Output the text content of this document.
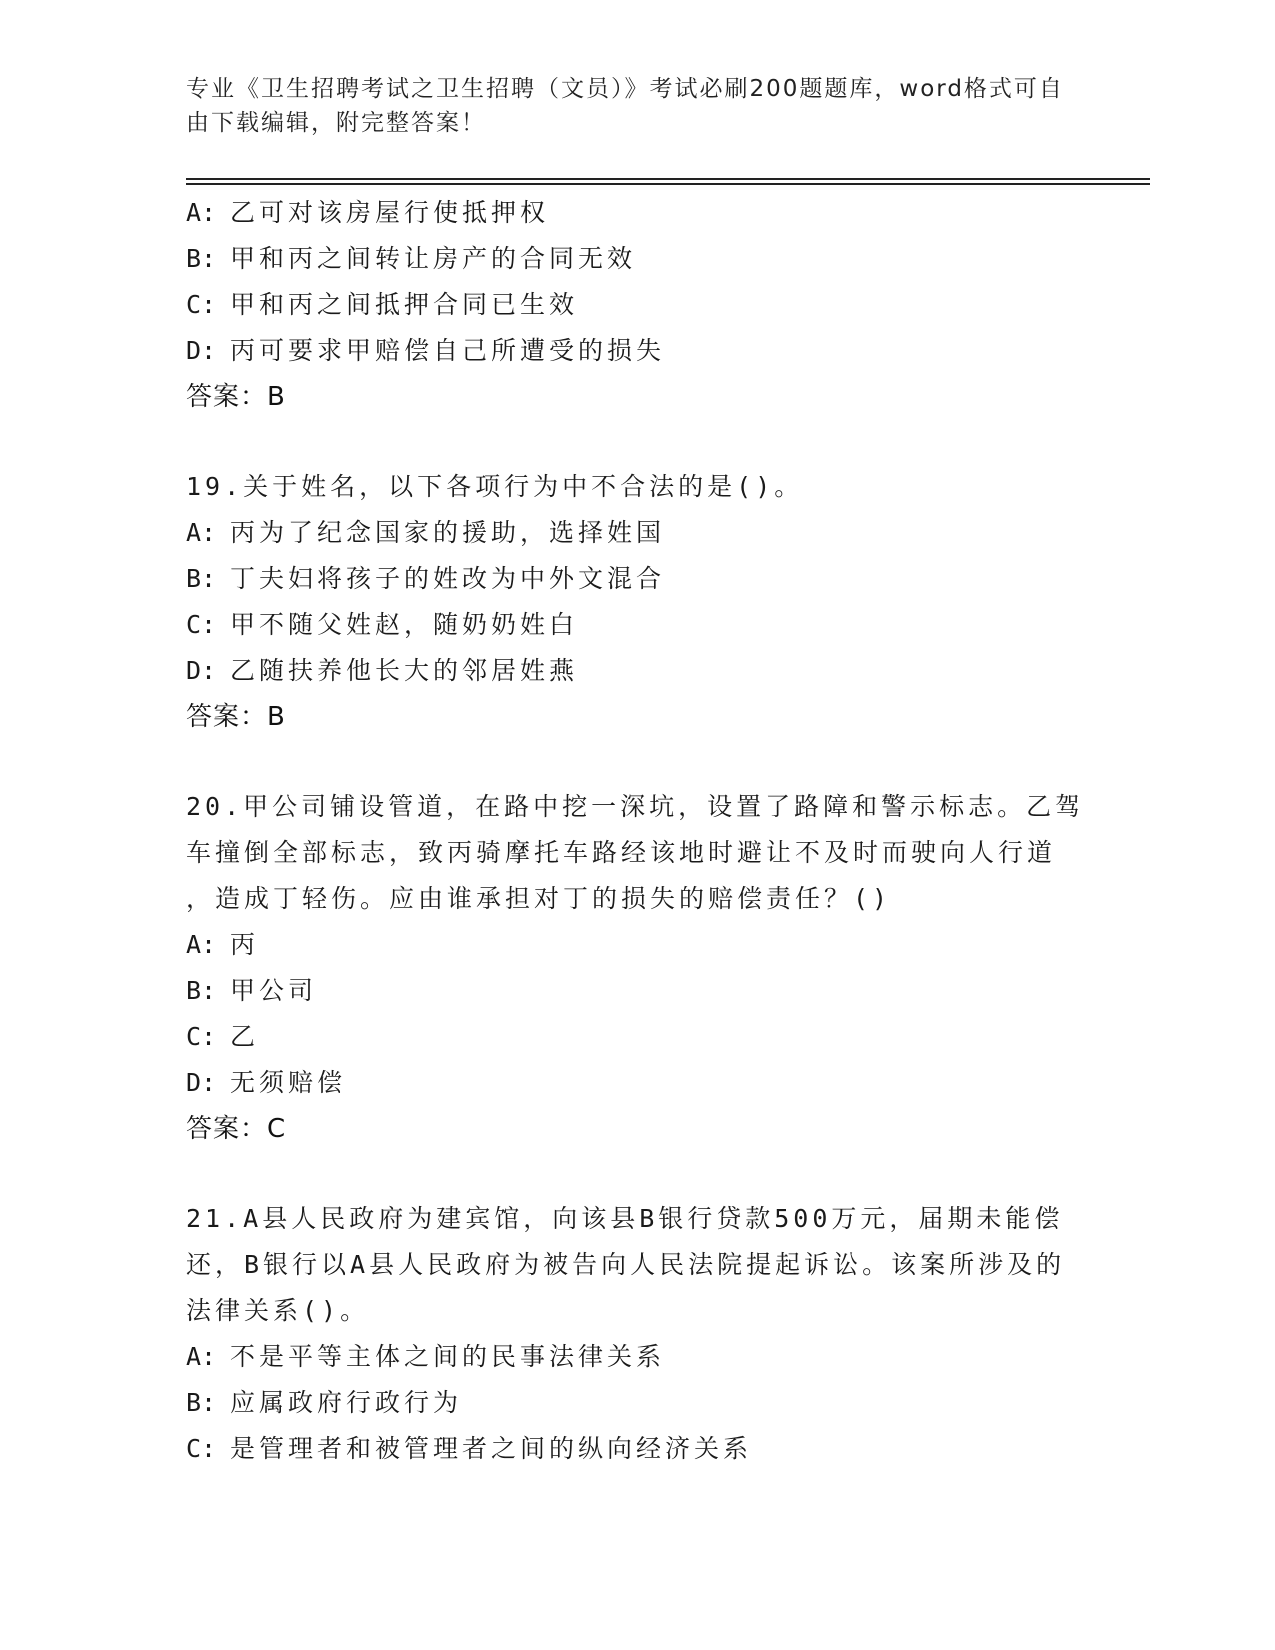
专业《卫生招聘考试之卫生招聘（文员）》考试必刷200题题库，word格式可自
由下载编辑，附完整答案！
A: 乙可对该房屋行使抵押权
B: 甲和丙之间转让房产的合同无效
C: 甲和丙之间抵押合同已生效
D: 丙可要求甲赔偿自己所遭受的损失
答案：B
19.关于姓名，以下各项行为中不合法的是()。
A: 丙为了纪念国家的援助，选择姓国
B: 丁夫妇将孩子的姓改为中外文混合
C: 甲不随父姓赵，随奶奶姓白
D: 乙随扶养他长大的邻居姓燕
答案：B
20.甲公司铺设管道，在路中挖一深坑，设置了路障和警示标志。乙驾
车撞倒全部标志，致丙骑摩托车路经该地时避让不及时而驶向人行道
，造成丁轻伤。应由谁承担对丁的损失的赔偿责任？()
A: 丙
B: 甲公司
C: 乙
D: 无须赔偿
答案：C
21.A县人民政府为建宾馆，向该县B银行贷款500万元，届期未能偿
还，B银行以A县人民政府为被告向人民法院提起诉讼。该案所涉及的
法律关系()。
A: 不是平等主体之间的民事法律关系
B: 应属政府行政行为
C: 是管理者和被管理者之间的纵向经济关系
